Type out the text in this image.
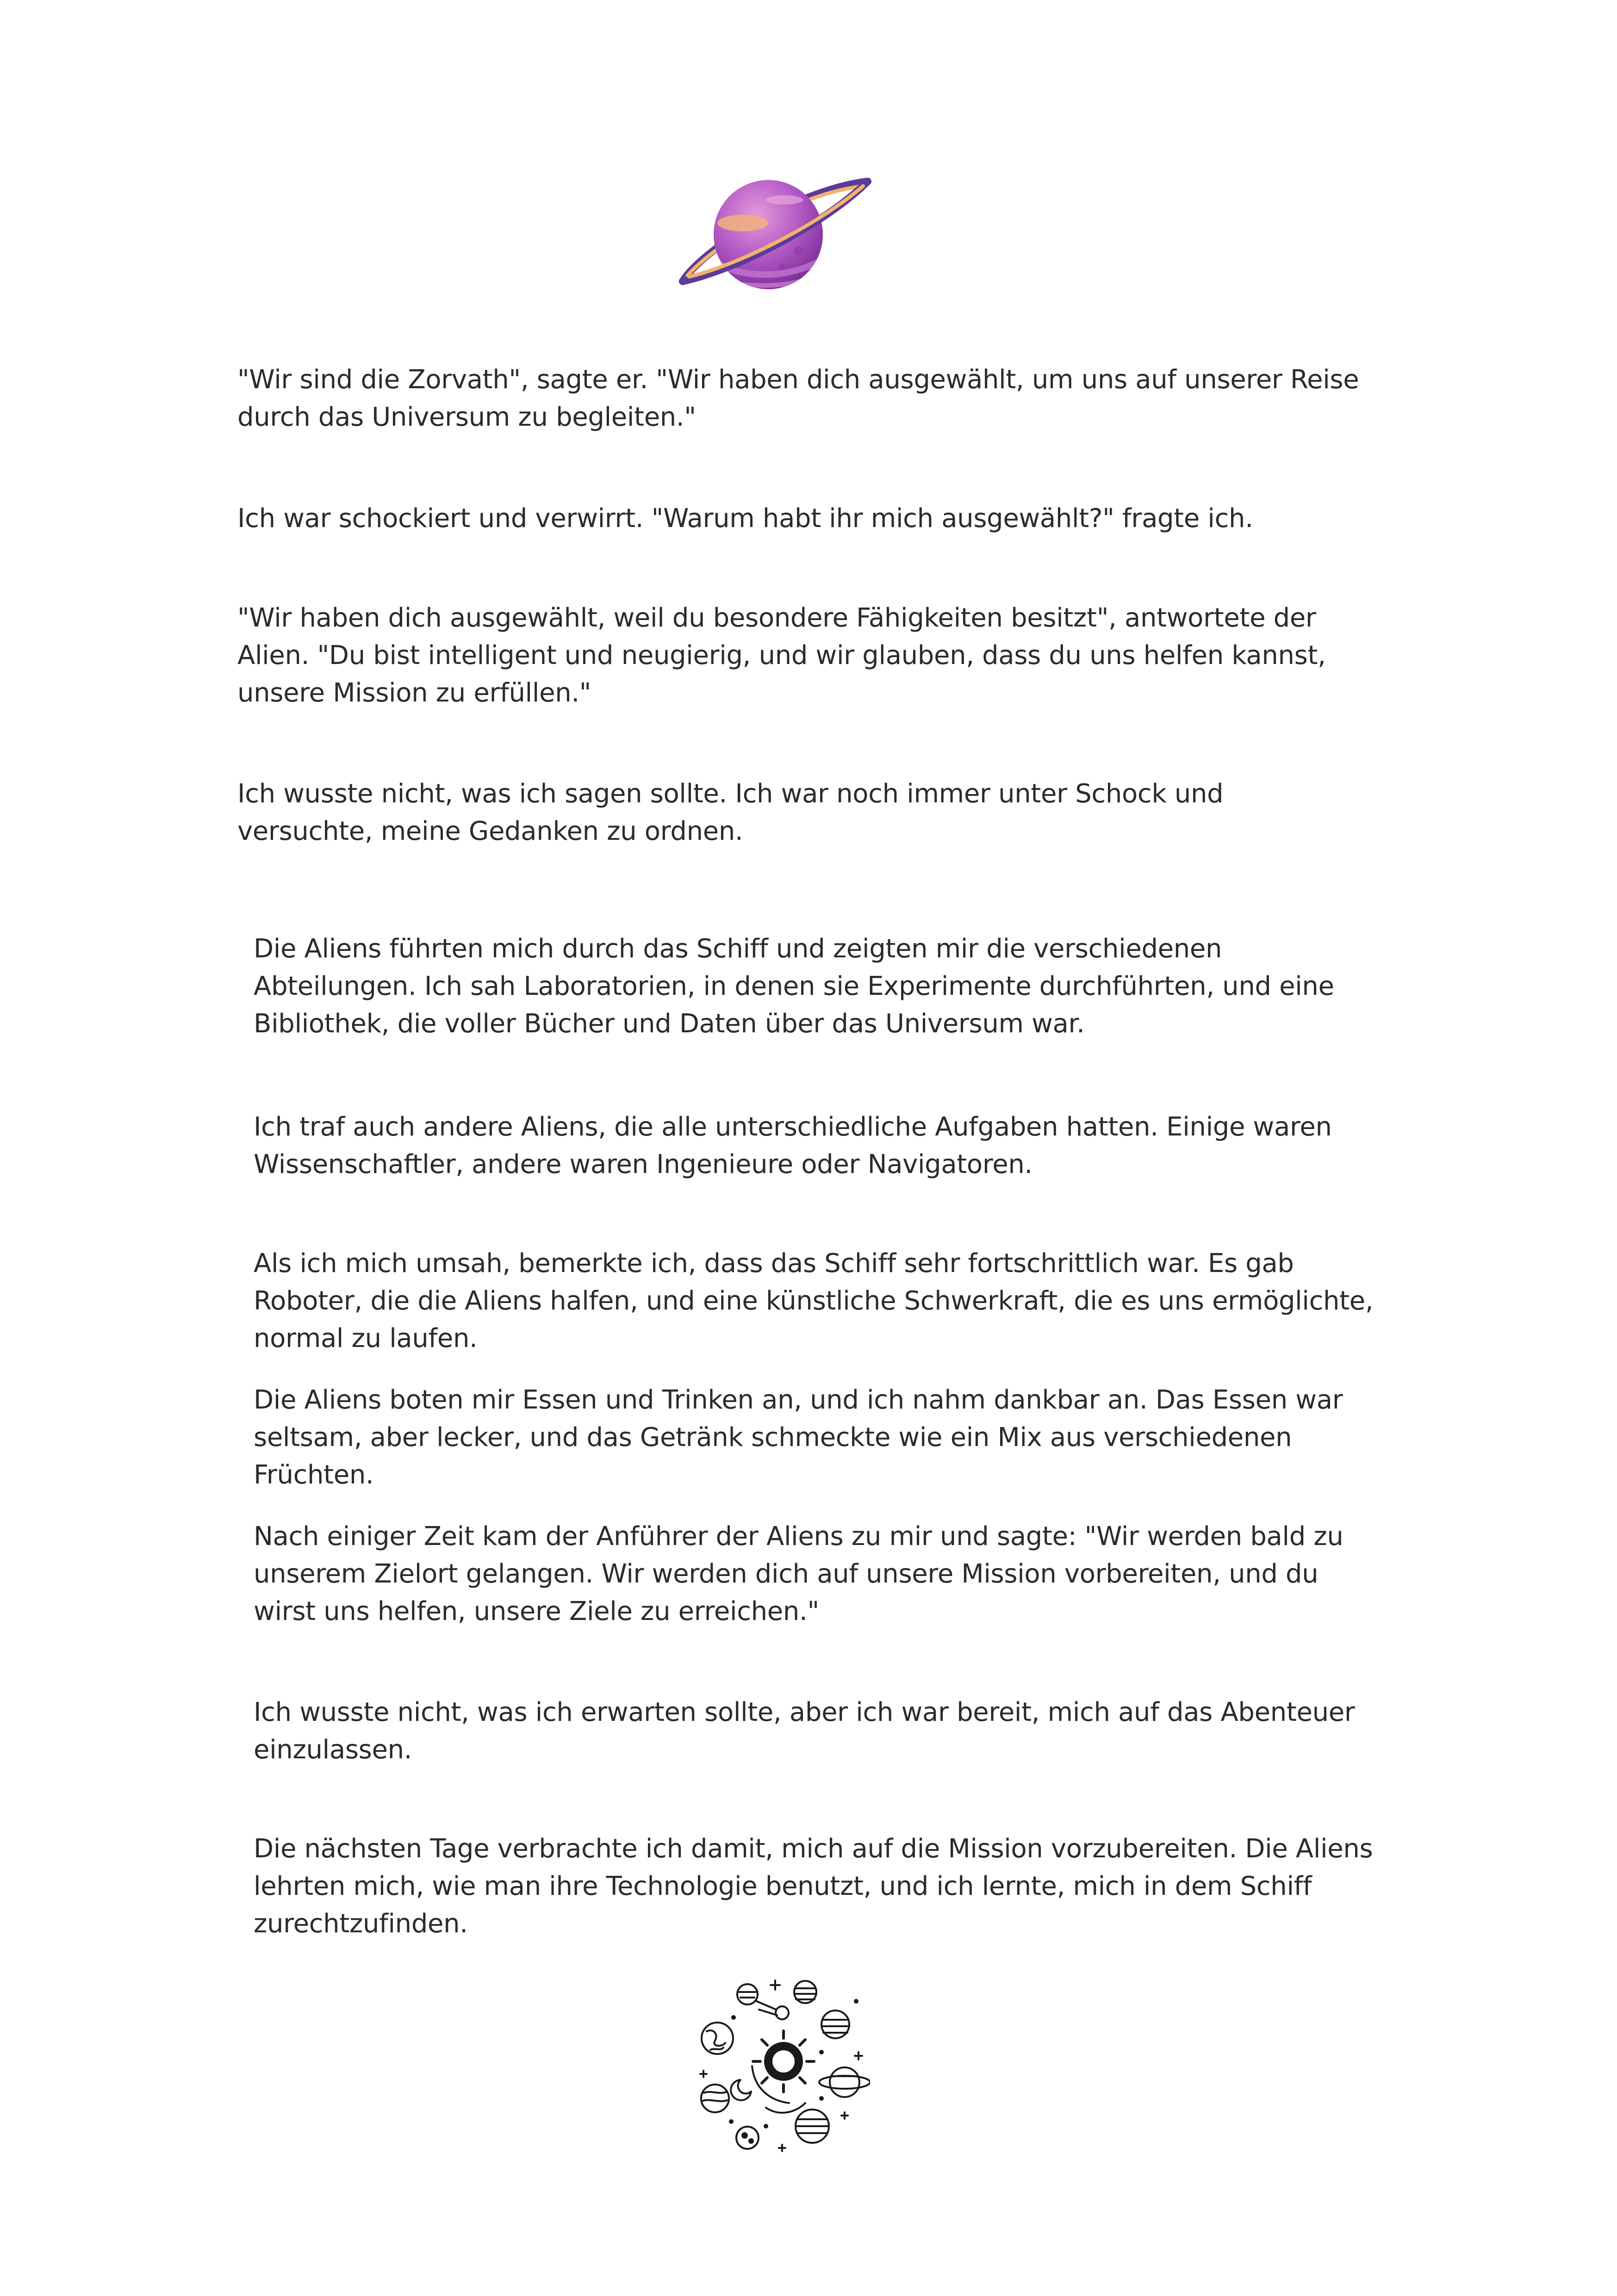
"Wir sind die Zorvath", sagte er. "Wir haben dich ausgewählt, um uns auf unserer Reise durch das Universum zu begleiten."

Ich war schockiert und verwirrt. "Warum habt ihr mich ausgewählt?" fragte ich.

"Wir haben dich ausgewählt, weil du besondere Fähigkeiten besitzt", antwortete der Alien. "Du bist intelligent und neugierig, und wir glauben, dass du uns helfen kannst, unsere Mission zu erfüllen."

Ich wusste nicht, was ich sagen sollte. Ich war noch immer unter Schock und versuchte, meine Gedanken zu ordnen.

Die Aliens führten mich durch das Schiff und zeigten mir die verschiedenen Abteilungen. Ich sah Laboratorien, in denen sie Experimente durchführten, und eine Bibliothek, die voller Bücher und Daten über das Universum war.

Ich traf auch andere Aliens, die alle unterschiedliche Aufgaben hatten. Einige waren Wissenschaftler, andere waren Ingenieure oder Navigatoren.

Als ich mich umsah, bemerkte ich, dass das Schiff sehr fortschrittlich war. Es gab Roboter, die die Aliens halfen, und eine künstliche Schwerkraft, die es uns ermöglichte, normal zu laufen.

Die Aliens boten mir Essen und Trinken an, und ich nahm dankbar an. Das Essen war seltsam, aber lecker, und das Getränk schmeckte wie ein Mix aus verschiedenen Früchten.

Nach einiger Zeit kam der Anführer der Aliens zu mir und sagte: "Wir werden bald zu unserem Zielort gelangen. Wir werden dich auf unsere Mission vorbereiten, und du wirst uns helfen, unsere Ziele zu erreichen."

Ich wusste nicht, was ich erwarten sollte, aber ich war bereit, mich auf das Abenteuer einzulassen.

Die nächsten Tage verbrachte ich damit, mich auf die Mission vorzubereiten. Die Aliens lehrten mich, wie man ihre Technologie benutzt, und ich lernte, mich in dem Schiff zurechtzufinden.
